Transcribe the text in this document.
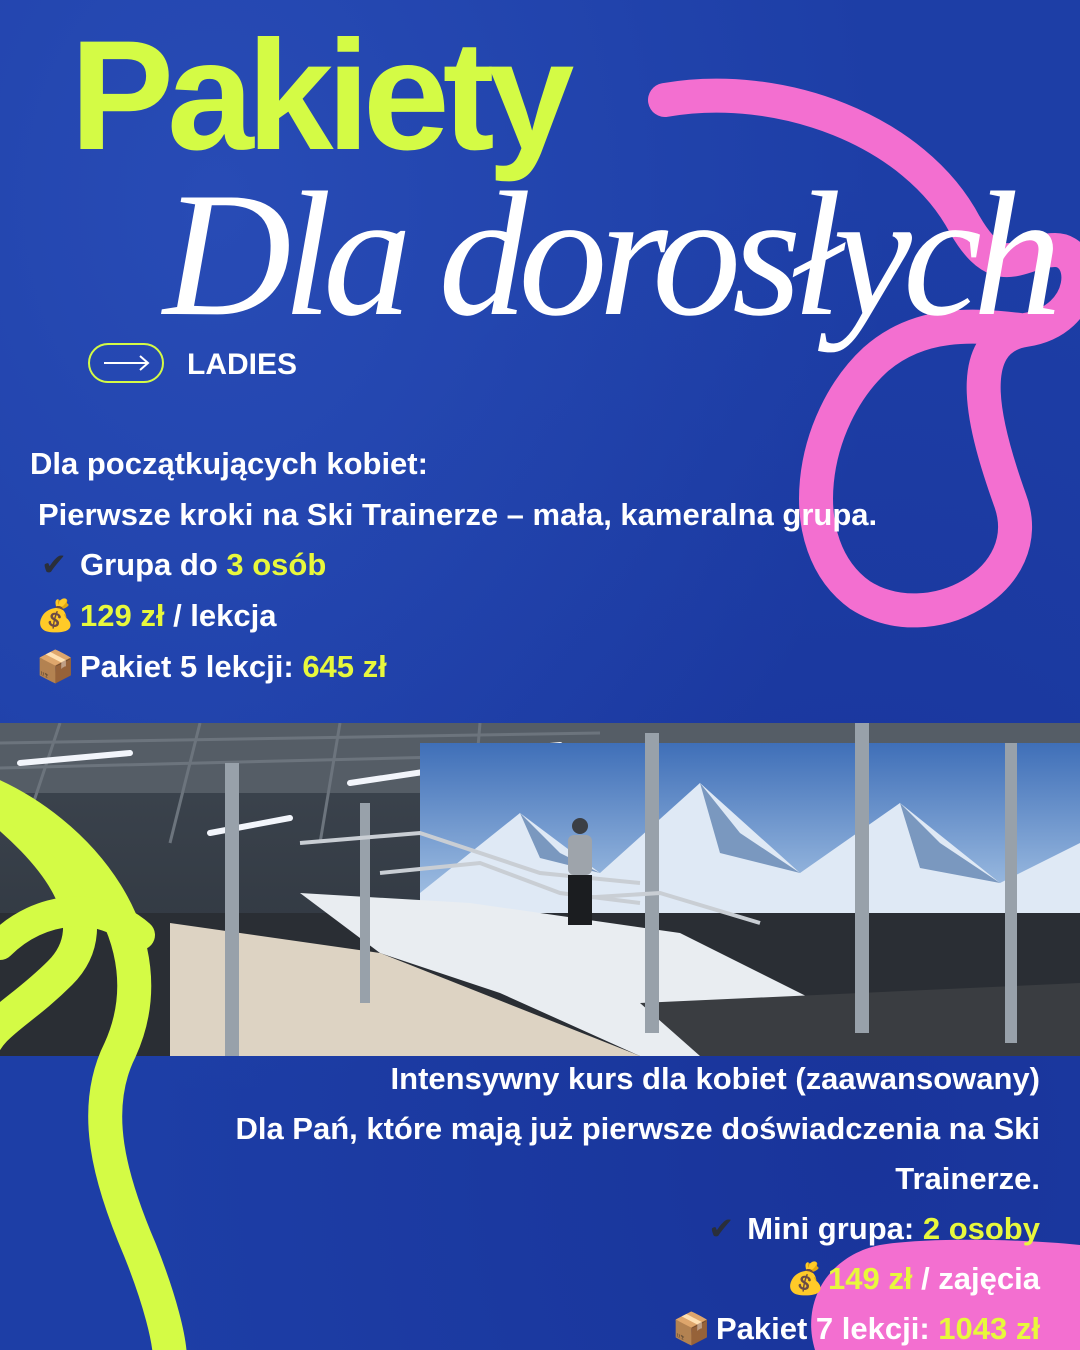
Pakiety
Dla dorosłych
LADIES
Dla początkujących kobiet:
Pierwsze kroki na Ski Trainerze – mała, kameralna grupa.
✔ Grupa do 3 osób
💰 129 zł / lekcja
📦 Pakiet 5 lekcji: 645 zł
Intensywny kurs dla kobiet (zaawansowany)
Dla Pań, które mają już pierwsze doświadczenia na Ski
Trainerze.
✔ Mini grupa: 2 osoby
💰 149 zł / zajęcia
📦 Pakiet 7 lekcji: 1043 zł
